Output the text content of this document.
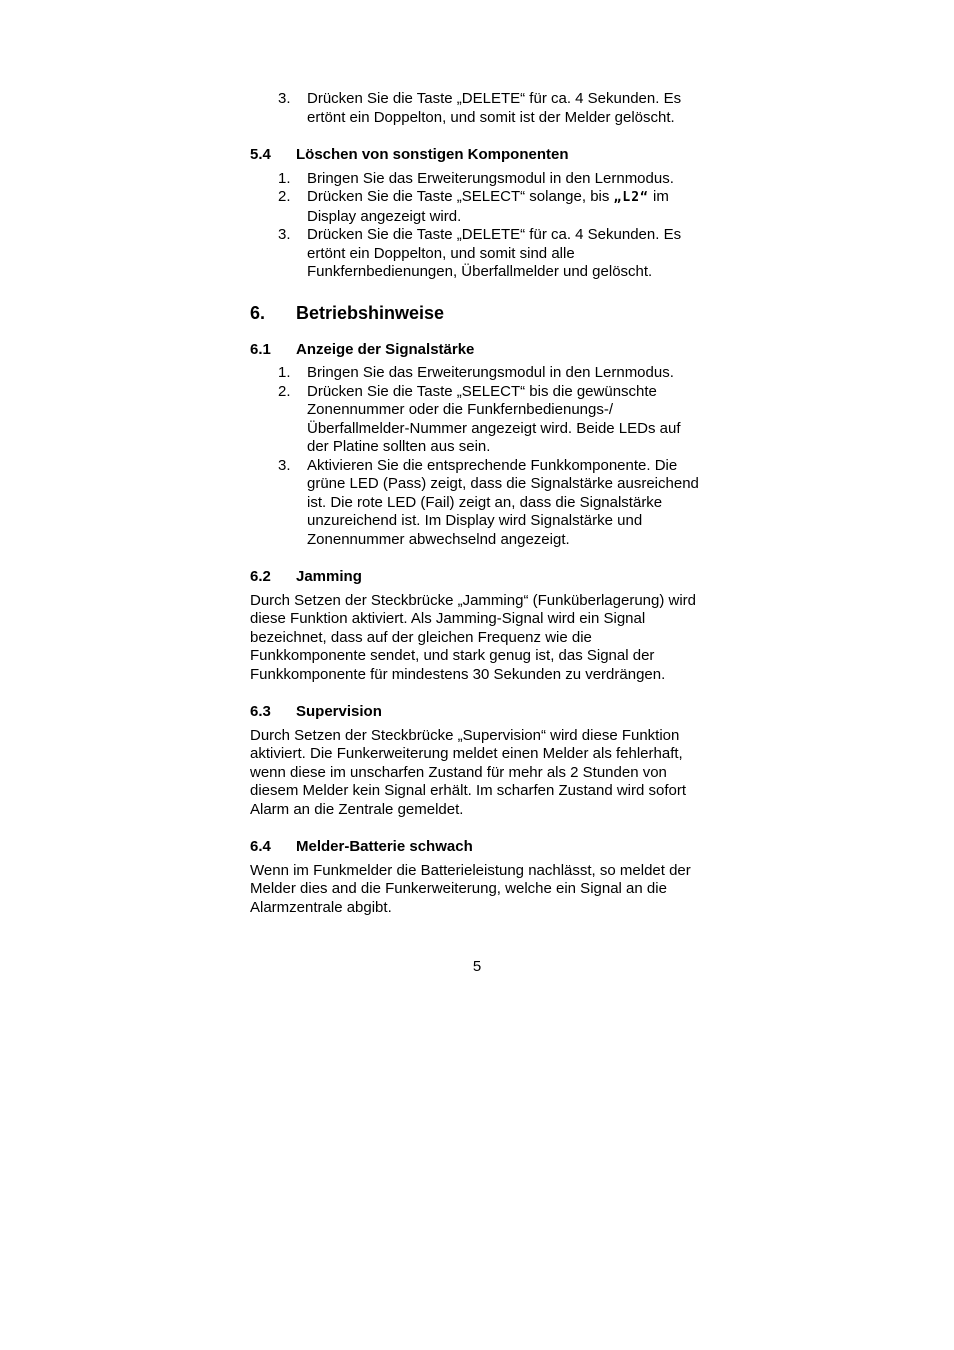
3.	Drücken Sie die Taste „DELETE“ für ca. 4 Sekunden. Es ertönt ein Doppelton, und somit ist der Melder gelöscht.
5.4	Löschen von sonstigen Komponenten
1.	Bringen Sie das Erweiterungsmodul in den Lernmodus.
2.	Drücken Sie die Taste „SELECT“ solange, bis „L2“ im Display angezeigt wird.
3.	Drücken Sie die Taste „DELETE“ für ca. 4 Sekunden. Es ertönt ein Doppelton, und somit sind alle Funkfernbedienungen, Überfallmelder und gelöscht.
6.	Betriebshinweise
6.1	Anzeige der Signalstärke
1.	Bringen Sie das Erweiterungsmodul in den Lernmodus.
2.	Drücken Sie die Taste „SELECT“ bis die gewünschte Zonennummer oder die Funkfernbedienungs-/Überfallmelder-Nummer angezeigt wird. Beide LEDs auf der Platine sollten aus sein.
3.	Aktivieren Sie die entsprechende Funkkomponente. Die grüne LED (Pass) zeigt, dass die Signalstärke ausreichend ist. Die rote LED (Fail) zeigt an, dass die Signalstärke unzureichend ist. Im Display wird Signalstärke und Zonennummer abwechselnd angezeigt.
6.2	Jamming

Durch Setzen der Steckbrücke „Jamming“ (Funküberlagerung) wird diese Funktion aktiviert. Als Jamming-Signal wird ein Signal bezeichnet, dass auf der gleichen Frequenz wie die Funkkomponente sendet, und stark genug ist, das Signal der Funkkomponente für mindestens 30 Sekunden zu verdrängen.

6.3	Supervision

Durch Setzen der Steckbrücke „Supervision“ wird diese Funktion aktiviert. Die Funkerweiterung meldet einen Melder als fehlerhaft, wenn diese im unscharfen Zustand für mehr als 2 Stunden von diesem Melder kein Signal erhält. Im scharfen Zustand wird sofort Alarm an die Zentrale gemeldet.

6.4	Melder-Batterie schwach

Wenn im Funkmelder die Batterieleistung nachlässt, so meldet der Melder dies and die Funkerweiterung, welche ein Signal an die Alarmzentrale abgibt.

5
